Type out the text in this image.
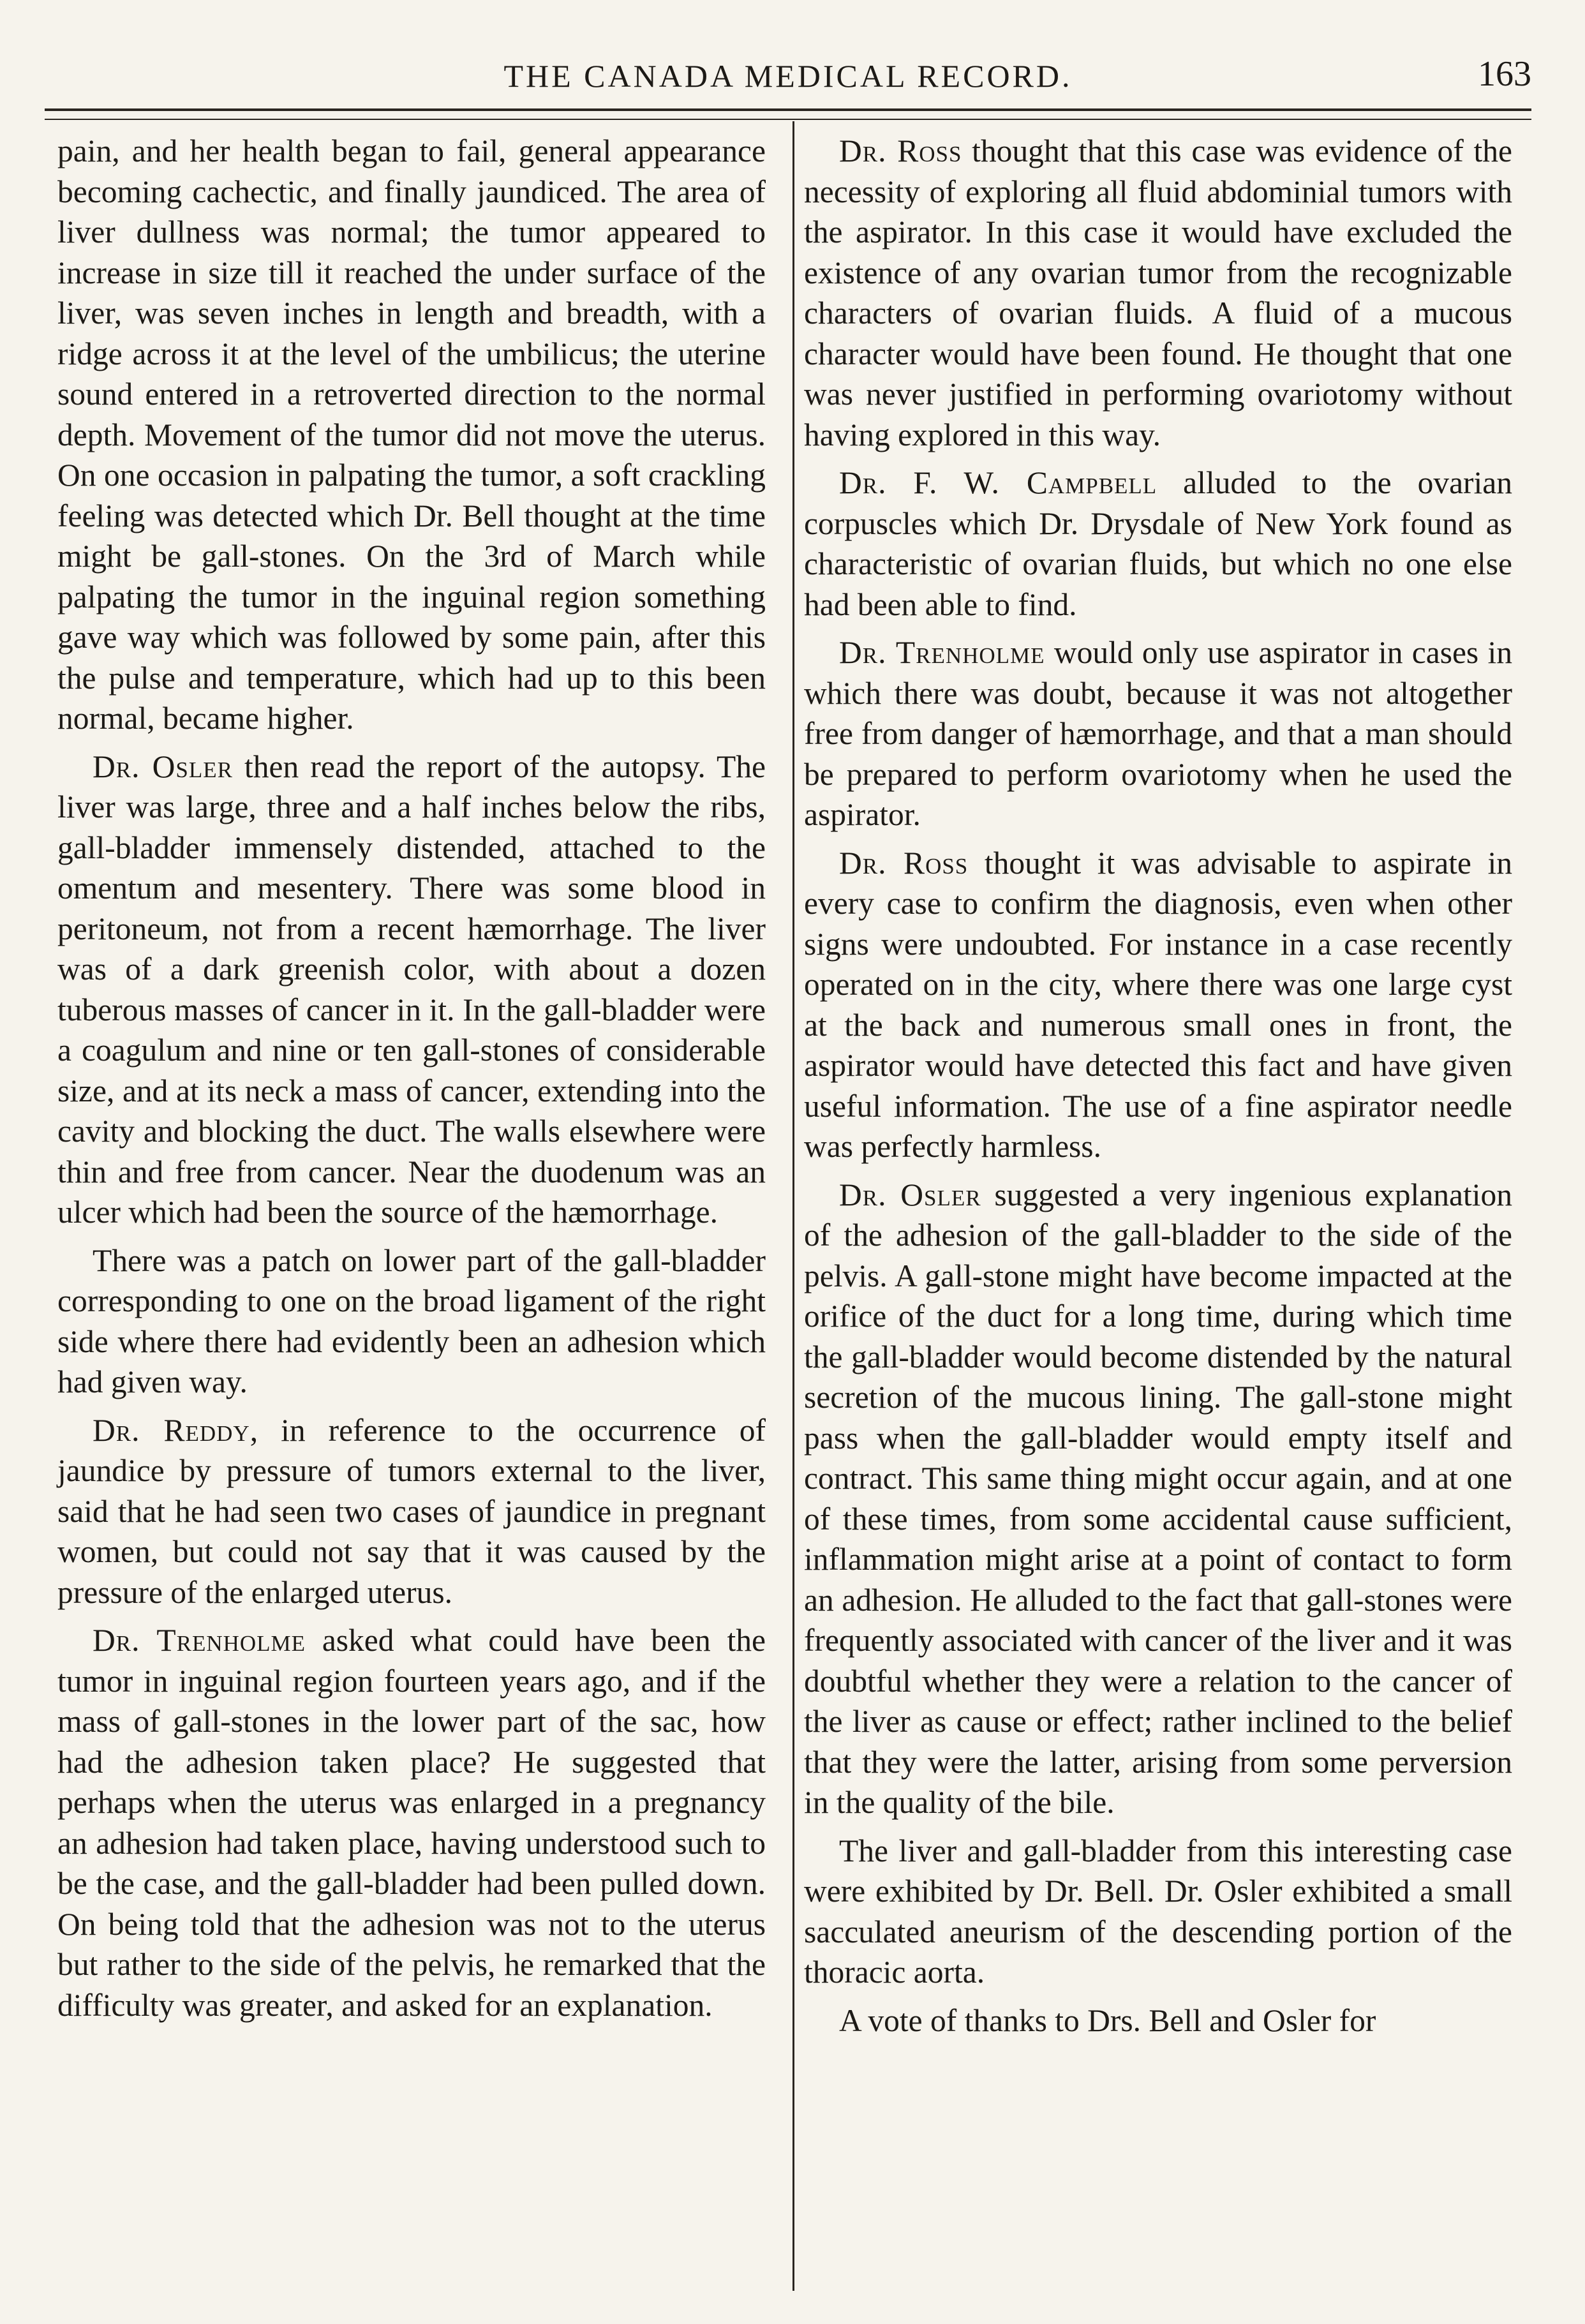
THE CANADA MEDICAL RECORD.	163

pain, and her health began to fail, general appearance becoming cachectic, and finally jaundiced. The area of liver dullness was normal; the tumor appeared to increase in size till it reached the under surface of the liver, was seven inches in length and breadth, with a ridge across it at the level of the umbilicus; the uterine sound entered in a retroverted direction to the normal depth. Movement of the tumor did not move the uterus. On one occasion in palpating the tumor, a soft crackling feeling was detected which Dr. Bell thought at the time might be gall-stones. On the 3rd of March while palpating the tumor in the inguinal region something gave way which was followed by some pain, after this the pulse and temperature, which had up to this been normal, became higher.

Dr. Osler then read the report of the autopsy. The liver was large, three and a half inches below the ribs, gall-bladder immensely distended, attached to the omentum and mesentery. There was some blood in peritoneum, not from a recent hæmorrhage. The liver was of a dark greenish color, with about a dozen tuberous masses of cancer in it. In the gall-bladder were a coagulum and nine or ten gall-stones of considerable size, and at its neck a mass of cancer, extending into the cavity and blocking the duct. The walls elsewhere were thin and free from cancer. Near the duodenum was an ulcer which had been the source of the hæmorrhage.

There was a patch on lower part of the gall-bladder corresponding to one on the broad ligament of the right side where there had evidently been an adhesion which had given way.

Dr. Reddy, in reference to the occurrence of jaundice by pressure of tumors external to the liver, said that he had seen two cases of jaundice in pregnant women, but could not say that it was caused by the pressure of the enlarged uterus.

Dr. Trenholme asked what could have been the tumor in inguinal region fourteen years ago, and if the mass of gall-stones in the lower part of the sac, how had the adhesion taken place? He suggested that perhaps when the uterus was enlarged in a pregnancy an adhesion had taken place, having understood such to be the case, and the gall-bladder had been pulled down. On being told that the adhesion was not to the uterus but rather to the side of the pelvis, he remarked that the difficulty was greater, and asked for an explanation.

Dr. Ross thought that this case was evidence of the necessity of exploring all fluid abdominial tumors with the aspirator. In this case it would have excluded the existence of any ovarian tumor from the recognizable characters of ovarian fluids. A fluid of a mucous character would have been found. He thought that one was never justified in performing ovariotomy without having explored in this way.

Dr. F. W. Campbell alluded to the ovarian corpuscles which Dr. Drysdale of New York found as characteristic of ovarian fluids, but which no one else had been able to find.

Dr. Trenholme would only use aspirator in cases in which there was doubt, because it was not altogether free from danger of hæmorrhage, and that a man should be prepared to perform ovariotomy when he used the aspirator.

Dr. Ross thought it was advisable to aspirate in every case to confirm the diagnosis, even when other signs were undoubted. For instance in a case recently operated on in the city, where there was one large cyst at the back and numerous small ones in front, the aspirator would have detected this fact and have given useful information. The use of a fine aspirator needle was perfectly harmless.

Dr. Osler suggested a very ingenious explanation of the adhesion of the gall-bladder to the side of the pelvis. A gall-stone might have become impacted at the orifice of the duct for a long time, during which time the gall-bladder would become distended by the natural secretion of the mucous lining. The gall-stone might pass when the gall-bladder would empty itself and contract. This same thing might occur again, and at one of these times, from some accidental cause sufficient, inflammation might arise at a point of contact to form an adhesion. He alluded to the fact that gall-stones were frequently associated with cancer of the liver and it was doubtful whether they were a relation to the cancer of the liver as cause or effect; rather inclined to the belief that they were the latter, arising from some perversion in the quality of the bile.

The liver and gall-bladder from this interesting case were exhibited by Dr. Bell. Dr. Osler exhibited a small sacculated aneurism of the descending portion of the thoracic aorta.

A vote of thanks to Drs. Bell and Osler for
